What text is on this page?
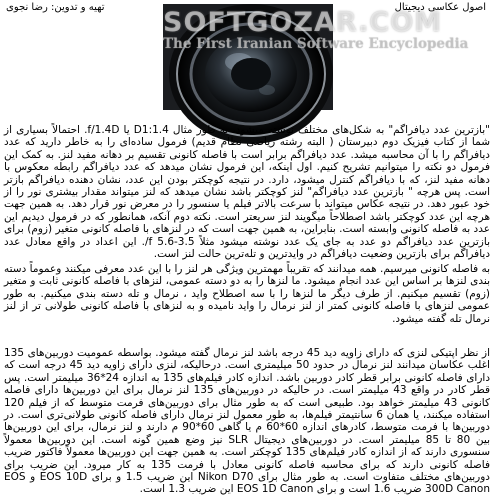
تهیه و تدوین: رضا نجوی	اصول عکاسی دیجیتال
SOFTGOZAR.COM
The First Iranian Software Encyclopedia

"بازترین عدد دیافراگم" به شکل‌های مختلف نوشته میشود، به طور مثال D1:1.4 یا f/1.4D. احتمالاً بسیاری از شما از کتاب فیزیک دوم دبیرستان ( البته رشته ریاضی نظام قدیم) فرمول ساده‌ای را به خاطر دارید که عدد دیافراگم را با آن محاسبه میشد. عدد دیافراگم برابر است با فاصله کانونی تقسیم بر دهانه مفید لنز. به کمک این فرمول دو نکته را میتوانیم تشریح کنیم. اول اینکه، این فرمول نشان میدهد که عدد دیافراگم رابطه معکوس با دهانه مفید لنز، که با دیافراگم کنترل میشود، دارد. در نتیجه کوچکتر بودن این عدد، نشان دهنده دیافراگم بازتر است. پس هرچه " بازترین عدد دیافراگم" لنز کوچکتر باشد نشان میدهد که لنز میتواند مقدار بیشتری نور را از خود عبور دهد. در نتیجه عکاس میتواند با سرعت بالاتر فیلم یا سنسور را در معرض نور قرار دهد. به همین جهت هرچه این عدد کوچکتر باشد اصطلاحاً میگویند لنز سریعتر است. نکته دوم آنکه، همانطور که در فرمول دیدیم این عدد به فاصله کانونی وابسته است. بنابراین، به همین جهت است که در لنزهای با فاصله کانونی متغیر (زوم) برای بازترین عدد دیافراگم دو عدد به جای یک عدد نوشته میشود مثلاً 3.5-5.6 f/. این اعداد در واقع معادل عدد دیافراگم برای بازترین وضعیت دیافراگم در واید‌ترین و تله‌ترین حالت لنز است.

به فاصله کانونی میرسیم. همه میدانند که تقریباً مهمترین ویژگی هر لنز را با این عدد معرفی میکنند وعموماً دسته بندی لنزها بر اساس این عدد انجام میشود. ما لنزها را به دو دسته عمومی، لنزهای با فاصله کانونی ثابت و متغیر (زوم) تقسیم میکنیم. از طرف دیگر ما لنزها را با سه اصطلاح واید ، نرمال و تله دسته بندی میکنیم. به طور عمومی لنزهای با فاصله کانونی کمتر از لنز نرمال را واید نامیده و به لنزهای با فاصله کانونی طولانی تر از لنز نرمال تله گفته میشود.

از نظر اپتیکی لنزی که دارای زاویه دید 45 درجه باشد لنز نرمال گفته میشود. بواسطه عمومیت دوربین‌های 135 اغلب عکاسان میدانند لنز نرمال در حدود 50 میلیمتری است. درحالیکه، لنزی دارای زاویه دید 45 درجه است که دارای فاصله کانونی برابر قطر کادر دوربین باشد. اندازه کادر فیلم‌های 135 به اندازه 24*36 میلیمتر است. پس قطر کادر در واقع 43 میلیمتر است. در حالیکه در دوربین‌های 135 لنز نرمال برای این دوربین‌ها دارای فاصله کانونی 43 میلیمتر خواهد بود. طبیعی است که به طور مثال برای دوربین‌های فرمت متوسط که از فیلم 120 استفاده میکنند، یا همان 6 سانتیمتر فیلم‌ها، به طور معمول لنز نرمال دارای فاصله کانونی طولانی‌تری است. در دوربین‌ها با فرمت متوسط، کادرهای اندازه 60*60 م یا گاهی 60*90 م دارند و لنز نرمال، برای این دوربین‌ها بین 80 تا 85 میلیمتر است. در دوربین‌های دیجیتال SLR نیز وضع همین گونه است. این دوربین‌ها معمولاً سنسوری دارند که از اندازه کادر فیلم‌های 135 کوچکتر است. به همین جهت این دوربین‌ها معمولاً فاکتور ضریب فاصله کانونی دارند که برای محاسبه فاصله کانونی معادل با فرمت 135 به کار میرود. این ضریب برای دوربین‌های مختلف متفاوت است. به طور مثال برای Nikon D70 این ضریب 1.5 و برای EOS 10D و EOS 300D Canon ضریب 1.6 است و برای EOS 1D Canon این ضریب 1.3 است.
